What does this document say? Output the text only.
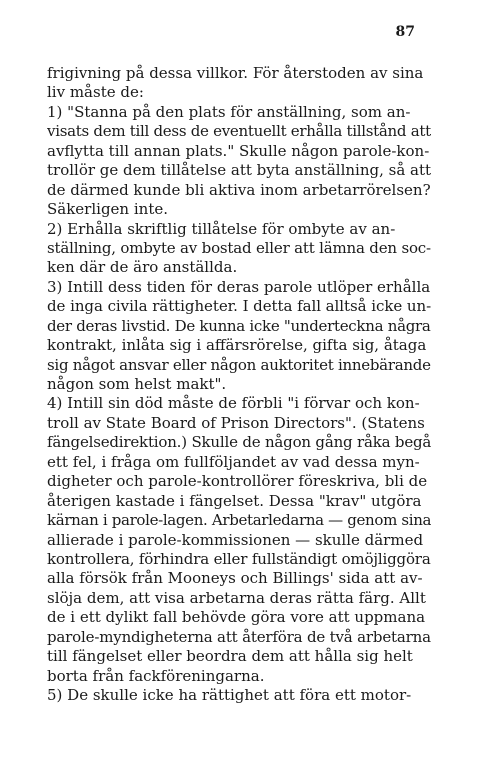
87
frigivning på dessa villkor. För återstoden av sina
liv måste de:
1) "Stanna på den plats för anställning, som an-
visats dem till dess de eventuellt erhålla tillstånd att
avflytta till annan plats." Skulle någon parole-kon-
trollör ge dem tillåtelse att byta anställning, så att
de därmed kunde bli aktiva inom arbetarrörelsen?
Säkerligen inte.
2) Erhålla skriftlig tillåtelse för ombyte av an-
ställning, ombyte av bostad eller att lämna den soc-
ken där de äro anställda.
3) Intill dess tiden för deras parole utlöper erhålla
de inga civila rättigheter. I detta fall alltså icke un-
der deras livstid. De kunna icke "underteckna några
kontrakt, inlåta sig i affärsrörelse, gifta sig, åtaga
sig något ansvar eller någon auktoritet innebärande
någon som helst makt".
4) Intill sin död måste de förbli "i förvar och kon-
troll av State Board of Prison Directors". (Statens
fängelsedirektion.) Skulle de någon gång råka begå
ett fel, i fråga om fullföljandet av vad dessa myn-
digheter och parole-kontrollörer föreskriva, bli de
återigen kastade i fängelset. Dessa "krav" utgöra
kärnan i parole-lagen. Arbetarledarna — genom sina
allierade i parole-kommissionen — skulle därmed
kontrollera, förhindra eller fullständigt omöjliggöra
alla försök från Mooneys och Billings' sida att av-
slöja dem, att visa arbetarna deras rätta färg. Allt
de i ett dylikt fall behövde göra vore att uppmana
parole-myndigheterna att återföra de två arbetarna
till fängelset eller beordra dem att hålla sig helt
borta från fackföreningarna.
5) De skulle icke ha rättighet att föra ett motor-
